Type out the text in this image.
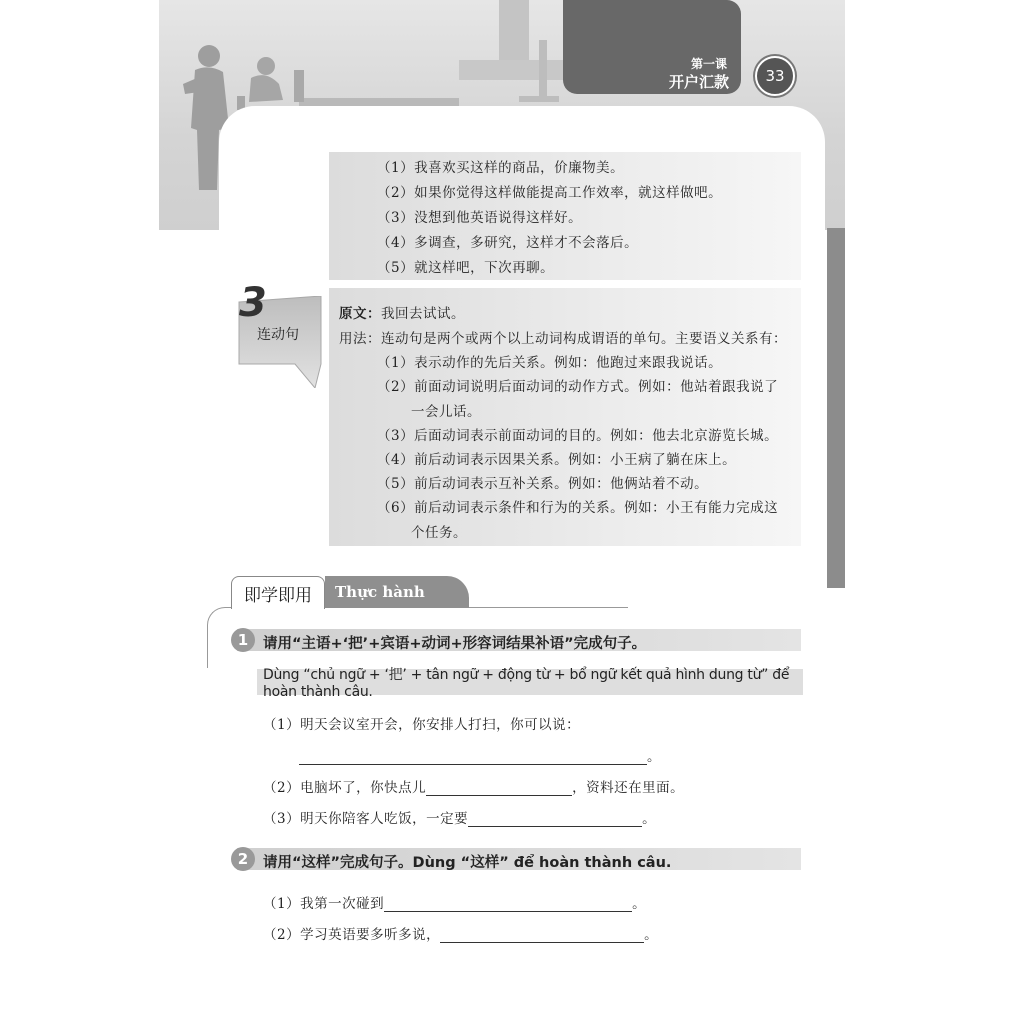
第一课
开户汇款	33
（1）我喜欢买这样的商品，价廉物美。
（2）如果你觉得这样做能提高工作效率，就这样做吧。
（3）没想到他英语说得这样好。
（4）多调查，多研究，这样才不会落后。
（5）就这样吧，下次再聊。
3
连动句
原文：我回去试试。
用法：连动句是两个或两个以上动词构成谓语的单句。主要语义关系有：
（1）表示动作的先后关系。例如：他跑过来跟我说话。
（2）前面动词说明后面动词的动作方式。例如：他站着跟我说了
一会儿话。
（3）后面动词表示前面动词的目的。例如：他去北京游览长城。
（4）前后动词表示因果关系。例如：小王病了躺在床上。
（5）前后动词表示互补关系。例如：他俩站着不动。
（6）前后动词表示条件和行为的关系。例如：小王有能力完成这
个任务。
即学即用	Thực hành
1	请用“主语+‘把’+宾语+动词+形容词结果补语”完成句子。
Dùng “chủ ngữ + ‘把’ + tân ngữ + động từ + bổ ngữ kết quả hình dung từ” để hoàn thành câu.
（1）明天会议室开会，你安排人打扫，你可以说：
。
（2）电脑坏了，你快点儿	，资料还在里面。
（3）明天你陪客人吃饭，一定要	。
2	请用“这样”完成句子。Dùng “这样” để hoàn thành câu.
（1）我第一次碰到	。
（2）学习英语要多听多说，	。
